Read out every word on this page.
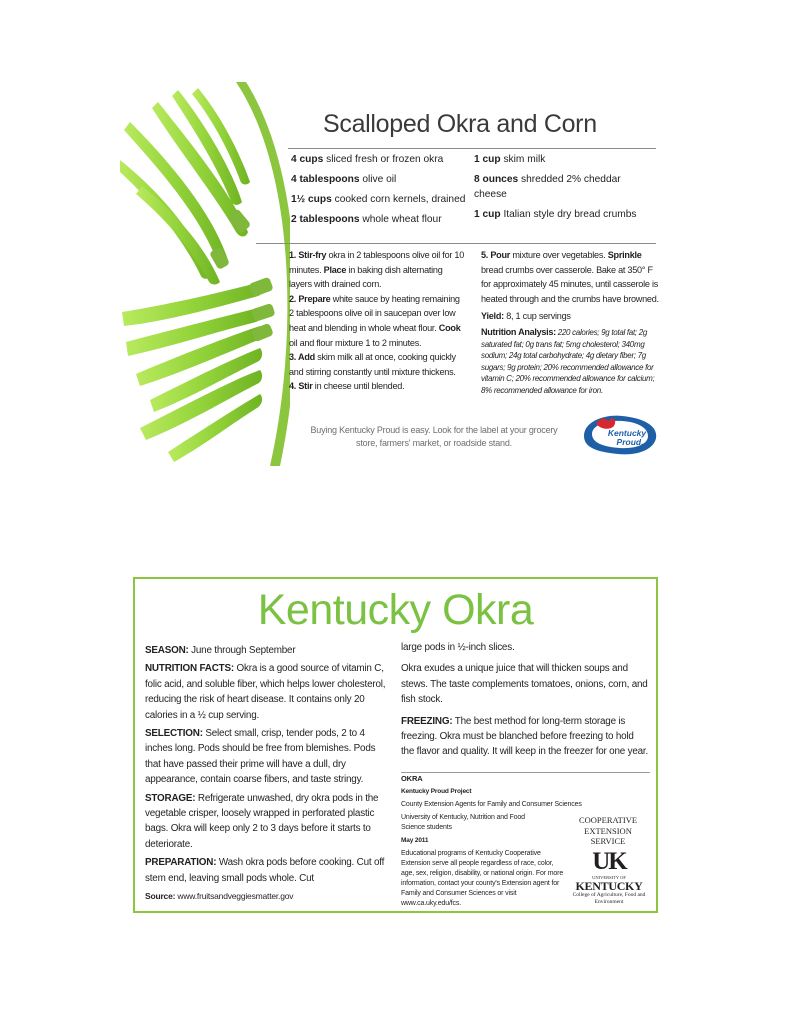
Kentucky
Proud.
Scalloped Okra and Corn

4 cups sliced fresh or frozen okra

4 tablespoons olive oil

1½ cups cooked corn kernels, drained

2 tablespoons whole wheat flour

1 cup skim milk

8 ounces shredded 2% cheddar cheese

1 cup Italian style dry bread crumbs

1. Stir-fry okra in 2 tablespoons olive oil for 10 minutes. Place in baking dish alternating layers with drained corn.

2. Prepare white sauce by heating remaining 2 tablespoons olive oil in saucepan over low heat and blending in whole wheat flour. Cook oil and flour mixture 1 to 2 minutes.

3. Add skim milk all at once, cooking quickly and stirring constantly until mixture thickens.

4. Stir in cheese until blended.

5. Pour mixture over vegetables. Sprinkle bread crumbs over casserole. Bake at 350° F for approximately 45 minutes, until casserole is heated through and the crumbs have browned.

Yield: 8, 1 cup servings

Nutrition Analysis: 220 calories; 9g total fat; 2g saturated fat; 0g trans fat; 5mg cholesterol; 340mg sodium; 24g total carbohydrate; 4g dietary fiber; 7g sugars; 9g protein; 20% recommended allowance for vitamin C; 20% recommended allowance for calcium; 8% recommended allowance for iron.

Buying Kentucky Proud is easy. Look for the label at your grocery store, farmers' market, or roadside stand.
Kentucky Okra

SEASON: June through September

NUTRITION FACTS: Okra is a good source of vitamin C, folic acid, and soluble fiber, which helps lower cholesterol, reducing the risk of heart disease. It contains only 20 calories in a ½ cup serving.

SELECTION: Select small, crisp, tender pods, 2 to 4 inches long. Pods should be free from blemishes. Pods that have passed their prime will have a dull, dry appearance, contain coarse fibers, and taste stringy.

STORAGE: Refrigerate unwashed, dry okra pods in the vegetable crisper, loosely wrapped in perforated plastic bags. Okra will keep only 2 to 3 days before it starts to deteriorate.

PREPARATION: Wash okra pods before cooking. Cut off stem end, leaving small pods whole. Cut

Source: www.fruitsandveggiesmatter.gov

large pods in ½-inch slices.

Okra exudes a unique juice that will thicken soups and stews. The taste complements tomatoes, onions, corn, and fish stock.

FREEZING: The best method for long-term storage is freezing. Okra must be blanched before freezing to hold the flavor and quality. It will keep in the freezer for one year.

OKRA

Kentucky Proud Project

County Extension Agents for Family and Consumer Sciences

University of Kentucky, Nutrition and Food Science students

May 2011

Educational programs of Kentucky Cooperative Extension serve all people regardless of race, color, age, sex, religion, disability, or national origin. For more information, contact your county's Extension agent for Family and Consumer Sciences or visit www.ca.uky.edu/fcs.

COOPERATIVE EXTENSION SERVICE
UK
UNIVERSITY OF
KENTUCKY
College of Agriculture, Food and Environment
